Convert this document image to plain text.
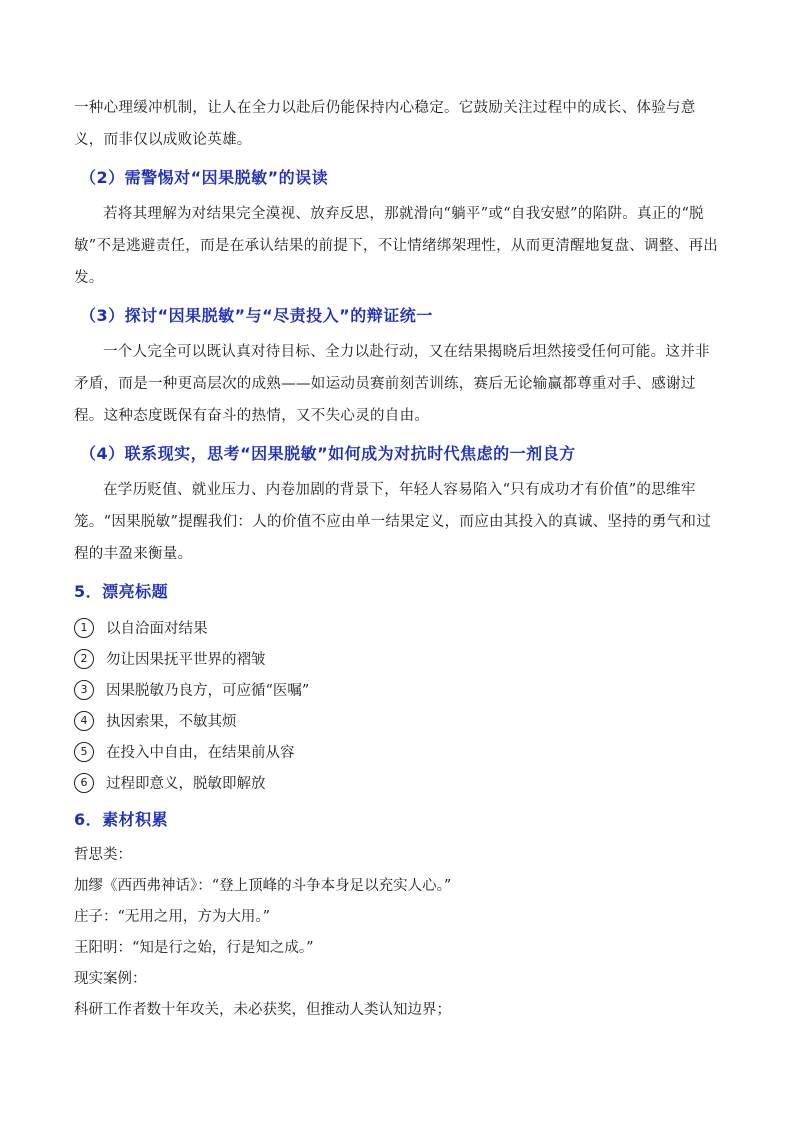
一种心理缓冲机制，让人在全力以赴后仍能保持内心稳定。它鼓励关注过程中的成长、体验与意义，而非仅以成败论英雄。

（2）需警惕对“因果脱敏”的误读

若将其理解为对结果完全漠视、放弃反思，那就滑向“躺平”或“自我安慰”的陷阱。真正的“脱敏”不是逃避责任，而是在承认结果的前提下，不让情绪绑架理性，从而更清醒地复盘、调整、再出发。

（3）探讨“因果脱敏”与“尽责投入”的辩证统一

一个人完全可以既认真对待目标、全力以赴行动，又在结果揭晓后坦然接受任何可能。这并非矛盾，而是一种更高层次的成熟——如运动员赛前刻苦训练，赛后无论输赢都尊重对手、感谢过程。这种态度既保有奋斗的热情，又不失心灵的自由。

（4）联系现实，思考“因果脱敏”如何成为对抗时代焦虑的一剂良方

在学历贬值、就业压力、内卷加剧的背景下，年轻人容易陷入“只有成功才有价值”的思维牢笼。“因果脱敏”提醒我们：人的价值不应由单一结果定义，而应由其投入的真诚、坚持的勇气和过程的丰盈来衡量。

5．漂亮标题
1	以自洽面对结果
2	勿让因果抚平世界的褶皱
3	因果脱敏乃良方，可应循“医嘱”
4	执因索果，不敏其烦
5	在投入中自由，在结果前从容
6	过程即意义，脱敏即解放
6．素材积累
哲思类：
加缪《西西弗神话》：“登上顶峰的斗争本身足以充实人心。”
庄子：“无用之用，方为大用。”
王阳明：“知是行之始，行是知之成。”
现实案例：
科研工作者数十年攻关，未必获奖，但推动人类认知边界；
